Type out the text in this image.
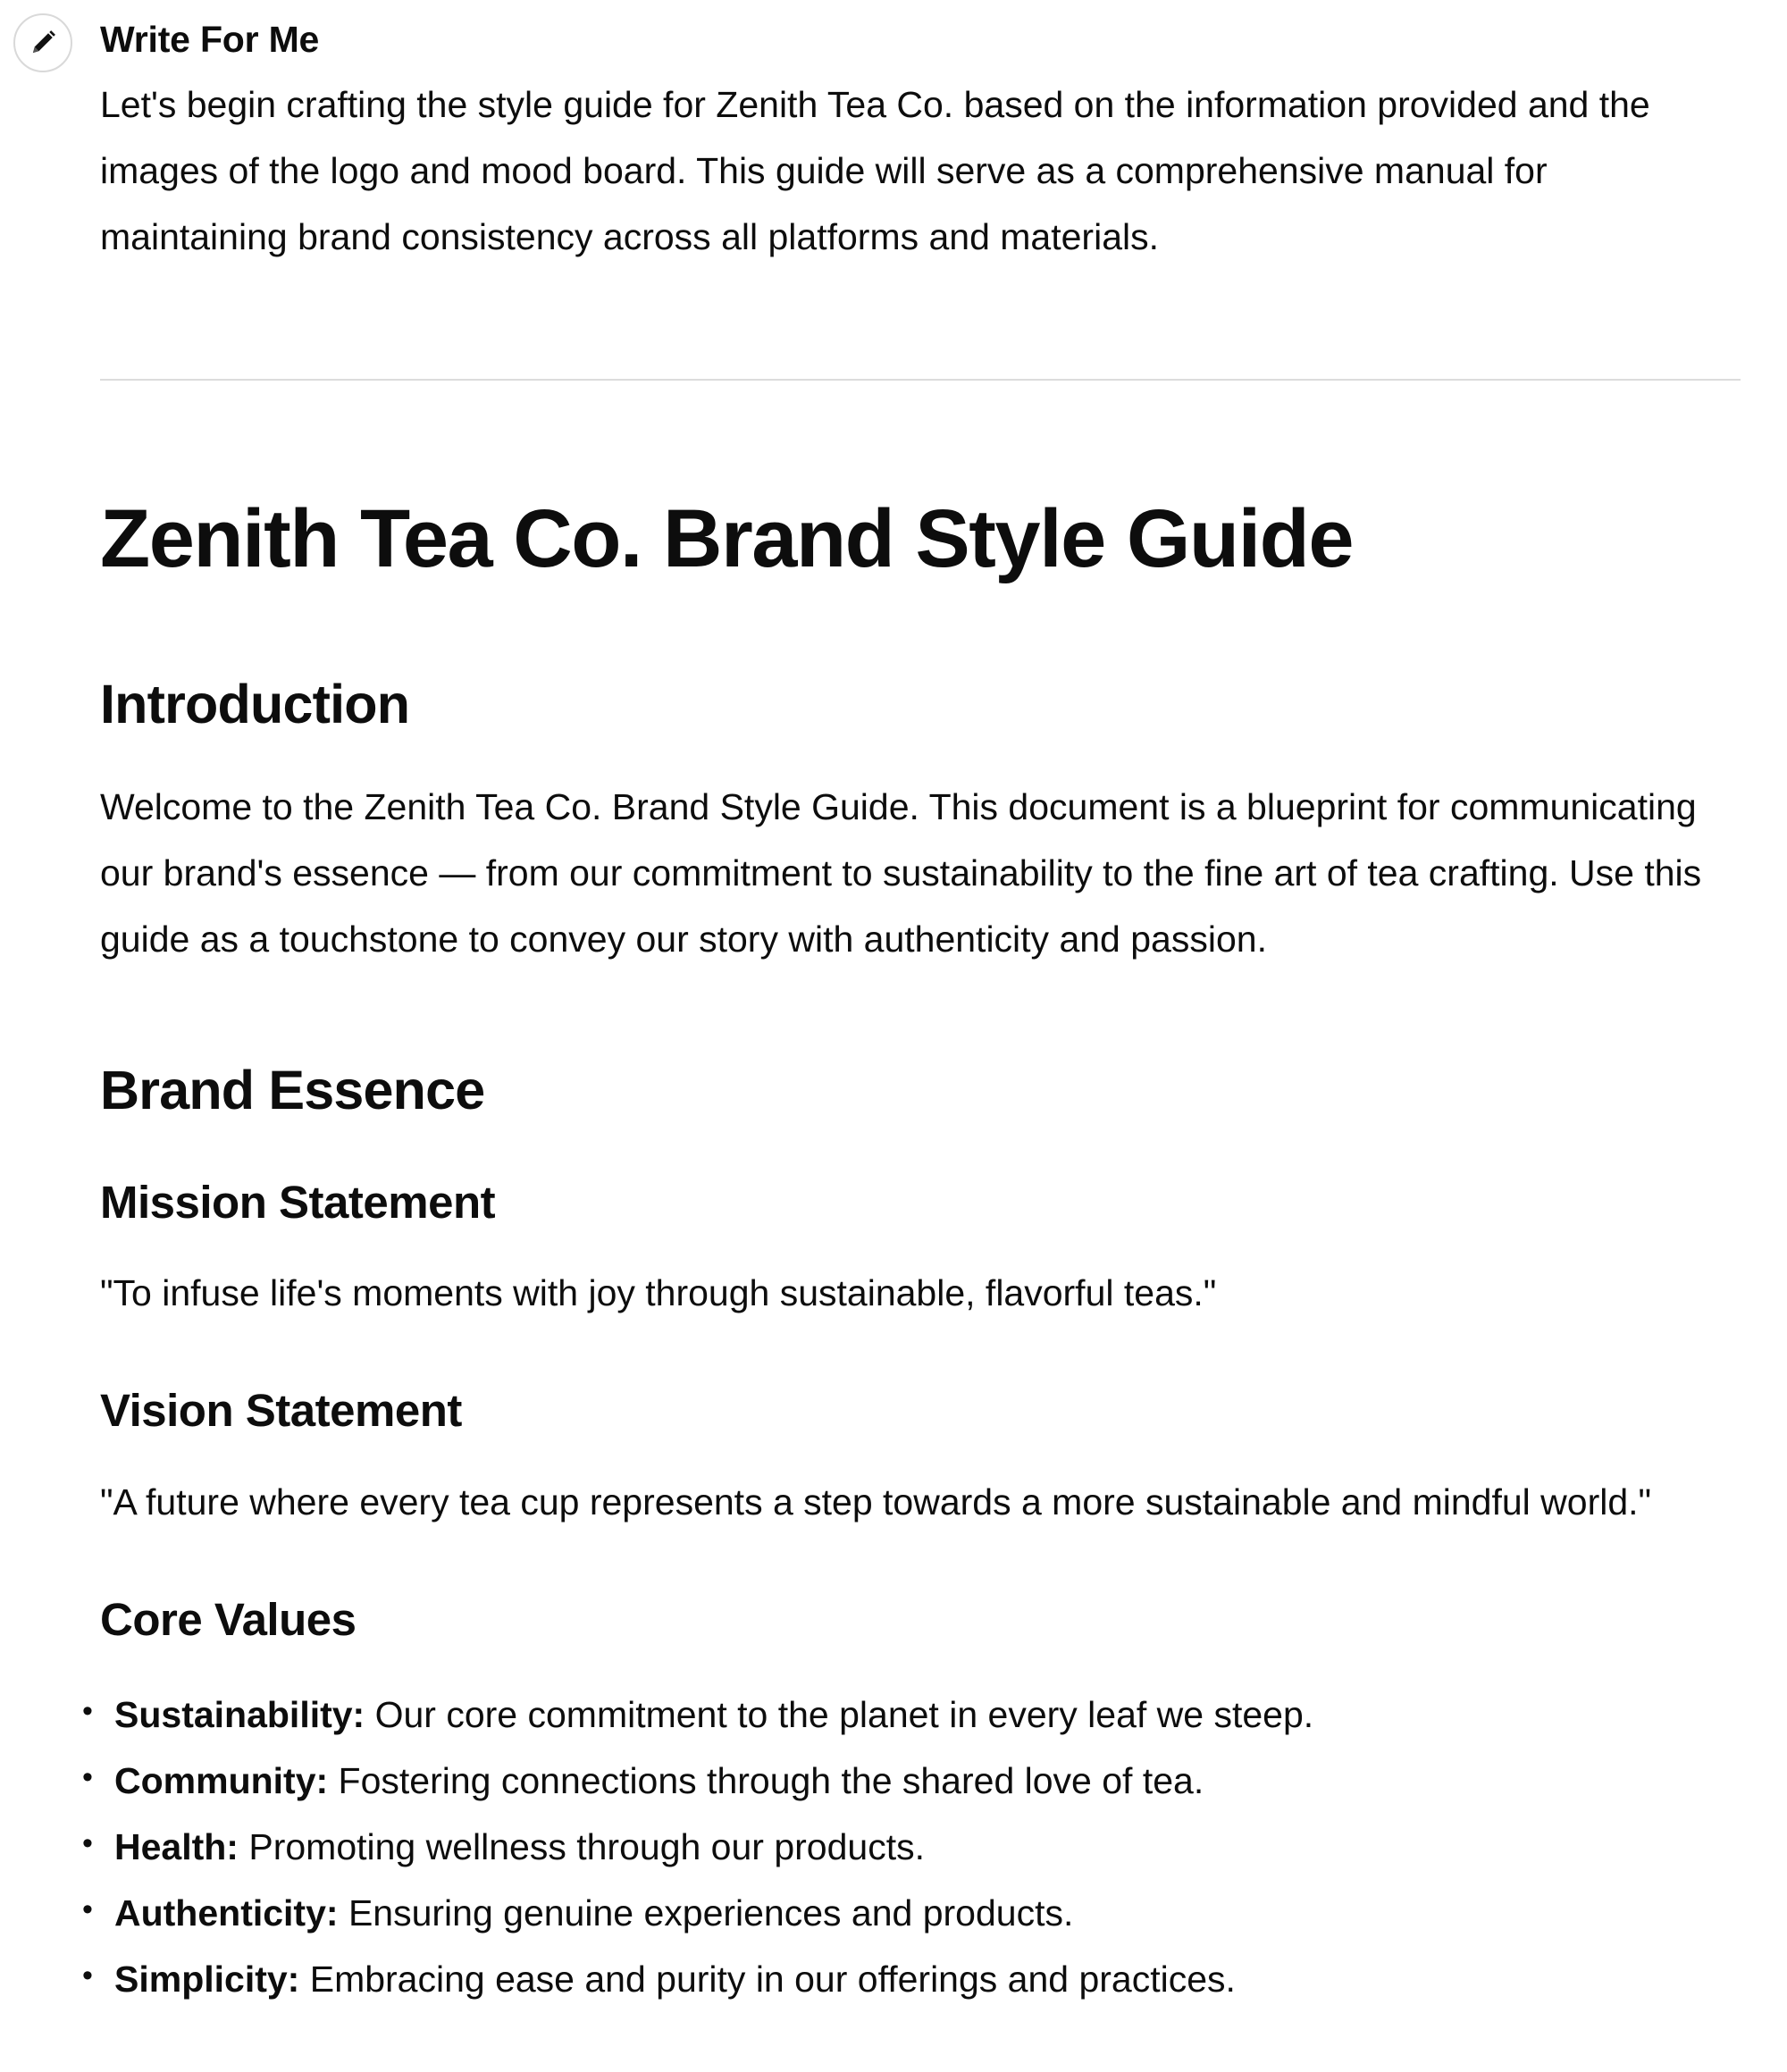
Write For Me

Let's begin crafting the style guide for Zenith Tea Co. based on the information provided and the images of the logo and mood board. This guide will serve as a comprehensive manual for maintaining brand consistency across all platforms and materials.

Zenith Tea Co. Brand Style Guide
Introduction

Welcome to the Zenith Tea Co. Brand Style Guide. This document is a blueprint for communicating our brand's essence — from our commitment to sustainability to the fine art of tea crafting. Use this guide as a touchstone to convey our story with authenticity and passion.

Brand Essence
Mission Statement

"To infuse life's moments with joy through sustainable, flavorful teas."

Vision Statement

"A future where every tea cup represents a step towards a more sustainable and mindful world."

Core Values
• Sustainability: Our core commitment to the planet in every leaf we steep.
• Community: Fostering connections through the shared love of tea.
• Health: Promoting wellness through our products.
• Authenticity: Ensuring genuine experiences and products.
• Simplicity: Embracing ease and purity in our offerings and practices.
